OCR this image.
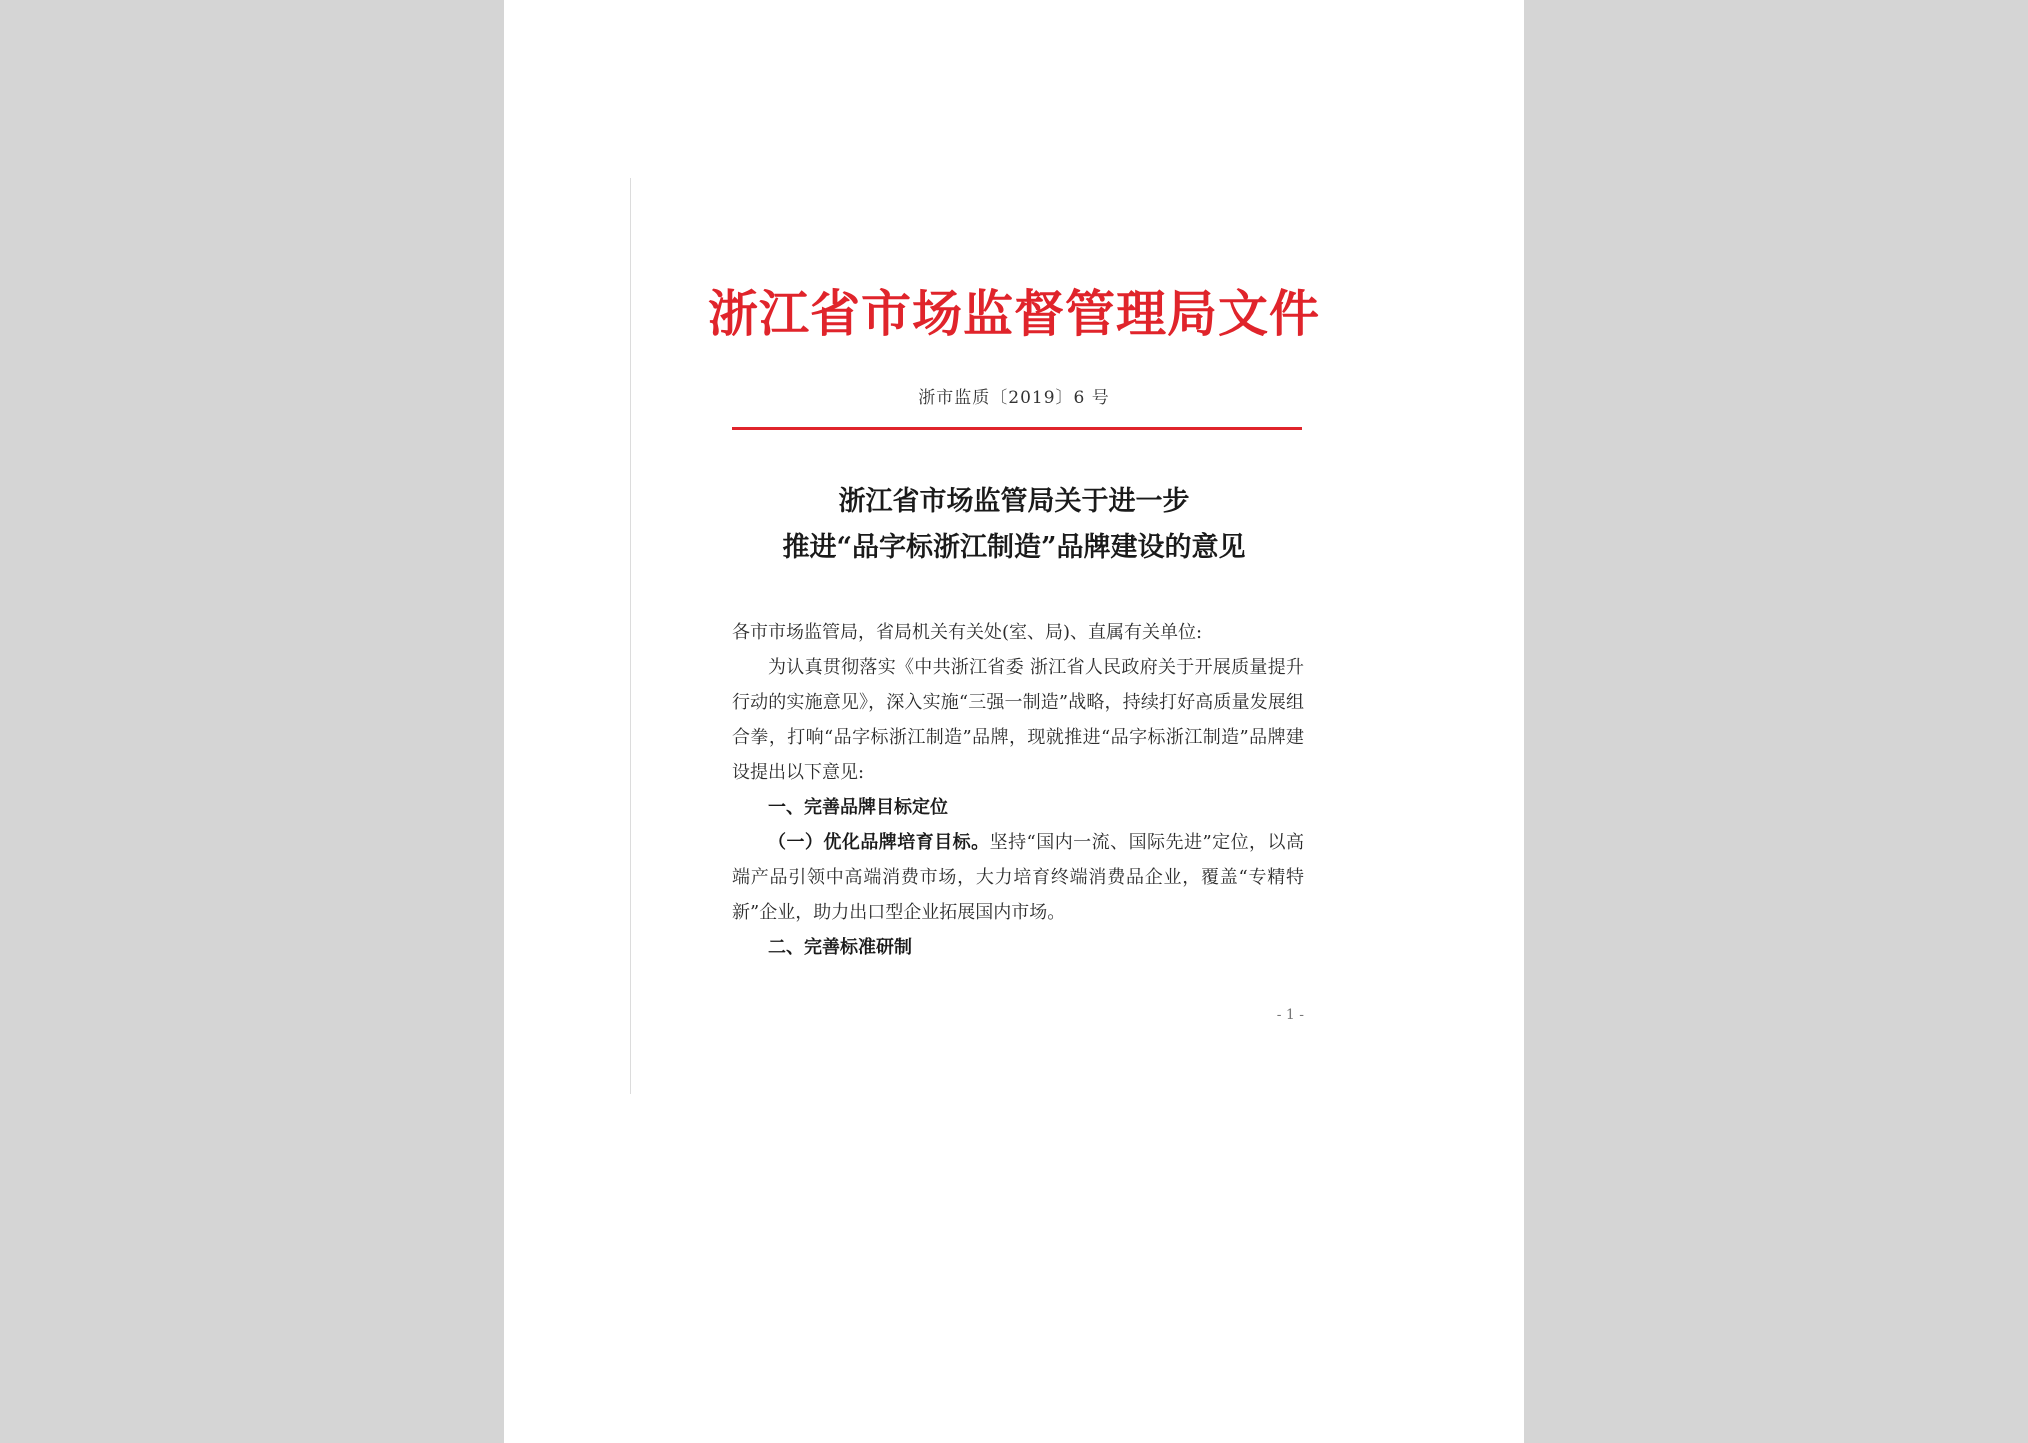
浙江省市场监督管理局文件
浙市监质〔2019〕6 号
浙江省市场监管局关于进一步
推进“品字标浙江制造”品牌建设的意见

各市市场监管局，省局机关有关处(室、局)、直属有关单位:

为认真贯彻落实《中共浙江省委 浙江省人民政府关于开展质量提升行动的实施意见》，深入实施“三强一制造”战略，持续打好高质量发展组合拳，打响“品字标浙江制造”品牌，现就推进“品字标浙江制造”品牌建设提出以下意见:

一、完善品牌目标定位

（一）优化品牌培育目标。坚持“国内一流、国际先进”定位，以高端产品引领中高端消费市场，大力培育终端消费品企业，覆盖“专精特新”企业，助力出口型企业拓展国内市场。

二、完善标准研制

- 1 -
